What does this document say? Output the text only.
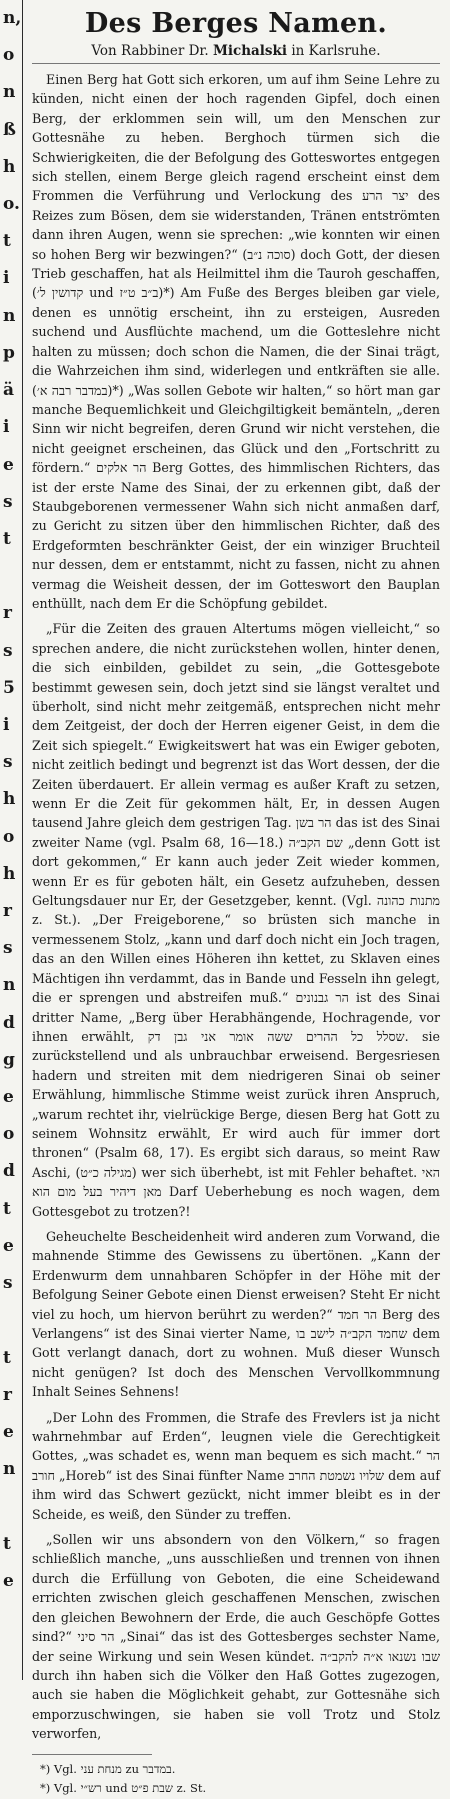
n,
o
n
ß
h
o.
t
i
n
p
ä
i
e
s
t
r
s
5
i
s
h
o
h
r
s
n
d
g
e
o
d
t
e
s
t
r
e
n
t
e
Des Berges Namen.
Von Rabbiner Dr. Michalski in Karlsruhe.

Einen Berg hat Gott sich erkoren, um auf ihm Seine Lehre zu künden, nicht einen der hoch ragenden Gipfel, doch einen Berg, der erklommen sein will, um den Menschen zur Gottesnähe zu heben. Berghoch türmen sich die Schwierigkeiten, die der Befolgung des Gotteswortes entgegen sich stellen, einem Berge gleich ragend erscheint einst dem Frommen die Verführung und Verlockung des יצר הרע des Reizes zum Bösen, dem sie widerstanden, Tränen entströmten dann ihren Augen, wenn sie sprechen: „wie konnten wir einen so hohen Berg wir bezwingen?“ (סוכה נ״ב) doch Gott, der diesen Trieb geschaffen, hat als Heilmittel ihm die Tauroh geschaffen, (קדושין ל׳ und ב״ב ט״ז)*) Am Fuße des Berges bleiben gar viele, denen es unnötig erscheint, ihn zu ersteigen, Ausreden suchend und Ausflüchte machend, um die Gotteslehre nicht halten zu müssen; doch schon die Namen, die der Sinai trägt, die Wahrzeichen ihm sind, widerlegen und entkräften sie alle. (במדבר רבה א׳)*) „Was sollen Gebote wir halten,“ so hört man gar manche Bequemlichkeit und Gleichgiltigkeit bemänteln, „deren Sinn wir nicht begreifen, deren Grund wir nicht verstehen, die nicht geeignet erscheinen, das Glück und den „Fortschritt zu fördern.“ הר אלקים Berg Gottes, des himmlischen Richters, das ist der erste Name des Sinai, der zu erkennen gibt, daß der Staubgeborenen vermessener Wahn sich nicht anmaßen darf, zu Gericht zu sitzen über den himmlischen Richter, daß des Erdgeformten beschränkter Geist, der ein winziger Bruchteil nur dessen, dem er entstammt, nicht zu fassen, nicht zu ahnen vermag die Weisheit dessen, der im Gotteswort den Bauplan enthüllt, nach dem Er die Schöpfung gebildet.

„Für die Zeiten des grauen Altertums mögen vielleicht,“ so sprechen andere, die nicht zurückstehen wollen, hinter denen, die sich einbilden, gebildet zu sein, „die Gottesgebote bestimmt gewesen sein, doch jetzt sind sie längst veraltet und überholt, sind nicht mehr zeitgemäß, entsprechen nicht mehr dem Zeitgeist, der doch der Herren eigener Geist, in dem die Zeit sich spiegelt.“ Ewigkeitswert hat was ein Ewiger geboten, nicht zeitlich bedingt und begrenzt ist das Wort dessen, der die Zeiten überdauert. Er allein vermag es außer Kraft zu setzen, wenn Er die Zeit für gekommen hält, Er, in dessen Augen tausend Jahre gleich dem gestrigen Tag. הר בשן das ist des Sinai zweiter Name (vgl. Psalm 68, 16—18.) שם הקב״ה „denn Gott ist dort gekommen,“ Er kann auch jeder Zeit wieder kommen, wenn Er es für geboten hält, ein Gesetz aufzuheben, dessen Geltungsdauer nur Er, der Gesetzgeber, kennt. (Vgl. מתנות כהונה z. St.). „Der Freigeborene,“ so brüsten sich manche in vermessenem Stolz, „kann und darf doch nicht ein Joch tragen, das an den Willen eines Höheren ihn kettet, zu Sklaven eines Mächtigen ihn verdammt, das in Bande und Fesseln ihn gelegt, die er sprengen und abstreifen muß.“ הר גבנונים ist des Sinai dritter Name, „Berg über Herabhängende, Hochragende, vor ihnen erwählt, שסלל כל ההרים ששה אומר אני גבן דק. sie zurückstellend und als unbrauchbar erweisend. Bergesriesen hadern und streiten mit dem niedrigeren Sinai ob seiner Erwählung, himmlische Stimme weist zurück ihren Anspruch, „warum rechtet ihr, vielrückige Berge, diesen Berg hat Gott zu seinem Wohnsitz erwählt, Er wird auch für immer dort thronen“ (Psalm 68, 17). Es ergibt sich daraus, so meint Raw Aschi, (מגילה כ״ט) wer sich überhebt, ist mit Fehler behaftet. האי מאן דיהיר בעל מום הוא Darf Ueberhebung es noch wagen, dem Gottesgebot zu trotzen?!

Geheuchelte Bescheidenheit wird anderen zum Vorwand, die mahnende Stimme des Gewissens zu übertönen. „Kann der Erdenwurm dem unnahbaren Schöpfer in der Höhe mit der Befolgung Seiner Gebote einen Dienst erweisen? Steht Er nicht viel zu hoch, um hiervon berührt zu werden?“ הר חמד Berg des Verlangens“ ist des Sinai vierter Name, שחמד הקב״ה לישב בו dem Gott verlangt danach, dort zu wohnen. Muß dieser Wunsch nicht genügen? Ist doch des Menschen Vervollkommnung Inhalt Seines Sehnens!

„Der Lohn des Frommen, die Strafe des Frevlers ist ja nicht wahrnehmbar auf Erden“, leugnen viele die Gerechtigkeit Gottes, „was schadet es, wenn man bequem es sich macht.“ הר חורב „Horeb“ ist des Sinai fünfter Name שלויו נשמטת החרב dem auf ihm wird das Schwert gezückt, nicht immer bleibt es in der Scheide, es weiß, den Sünder zu treffen.

„Sollen wir uns absondern von den Völkern,“ so fragen schließlich manche, „uns ausschließen und trennen von ihnen durch die Erfüllung von Geboten, die eine Scheidewand errichten zwischen gleich geschaffenen Menschen, zwischen den gleichen Bewohnern der Erde, die auch Geschöpfe Gottes sind?“ הר סיני „Sinai“ das ist des Gottesberges sechster Name, der seine Wirkung und sein Wesen kündet. שבו נשנאו א״ה להקב״ה durch ihn haben sich die Völker den Haß Gottes zugezogen, auch sie haben die Möglichkeit gehabt, zur Gottesnähe sich emporzuschwingen, sie haben sie voll Trotz und Stolz verworfen,

*) Vgl. מנחת עני zu במדבר.
*) Vgl. רש״י und שבת פ״ט z. St.
